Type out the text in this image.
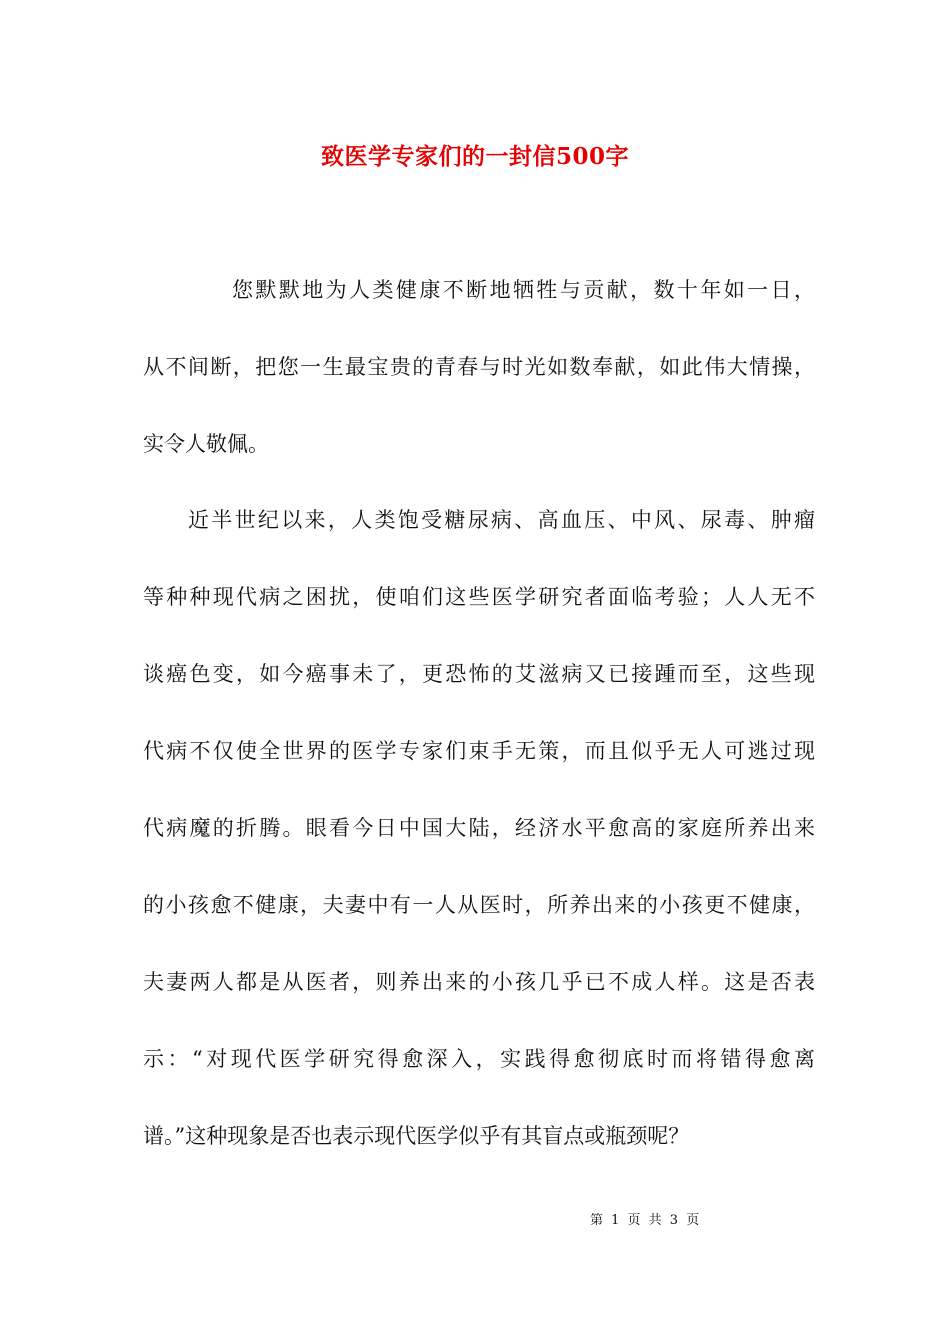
致医学专家们的一封信500字
您默默地为人类健康不断地牺牲与贡献，数十年如一日，
从不间断，把您一生最宝贵的青春与时光如数奉献，如此伟大情操，
实令人敬佩。
近半世纪以来，人类饱受糖尿病、高血压、中风、尿毒、肿瘤
等种种现代病之困扰，使咱们这些医学研究者面临考验；人人无不
谈癌色变，如今癌事未了，更恐怖的艾滋病又已接踵而至，这些现
代病不仅使全世界的医学专家们束手无策，而且似乎无人可逃过现
代病魔的折腾。眼看今日中国大陆，经济水平愈高的家庭所养出来
的小孩愈不健康，夫妻中有一人从医时，所养出来的小孩更不健康，
夫妻两人都是从医者，则养出来的小孩几乎已不成人样。这是否表
示：“对现代医学研究得愈深入，实践得愈彻底时而将错得愈离
谱。”这种现象是否也表示现代医学似乎有其盲点或瓶颈呢？
第 1 页 共 3 页
